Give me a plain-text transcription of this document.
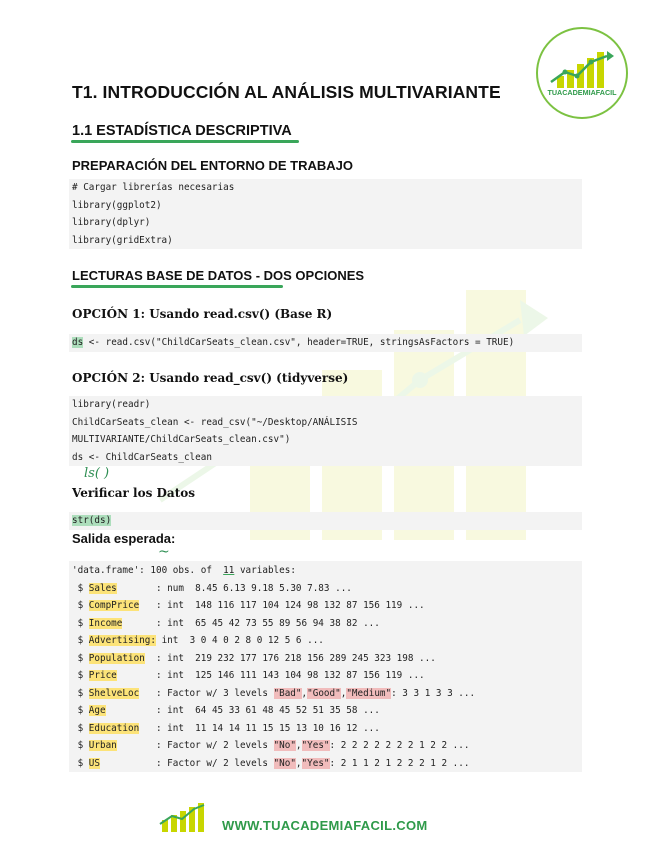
TUACADEMIAFACIL
T1. INTRODUCCIÓN AL ANÁLISIS MULTIVARIANTE
1.1 ESTADÍSTICA DESCRIPTIVA
PREPARACIÓN DEL ENTORNO DE TRABAJO
# Cargar librerías necesarias
library(ggplot2)
library(dplyr)
library(gridExtra)
LECTURAS BASE DE DATOS - DOS OPCIONES
OPCIÓN 1: Usando read.csv() (Base R)
ds <- read.csv("ChildCarSeats_clean.csv", header=TRUE, stringsAsFactors = TRUE)
OPCIÓN 2: Usando read_csv() (tidyverse)
library(readr)
ChildCarSeats_clean <- read_csv("~/Desktop/ANÁLISIS
MULTIVARIANTE/ChildCarSeats_clean.csv")
ds <- ChildCarSeats_clean
ls( )
Verificar los Datos
str(ds)
Salida esperada:
~
'data.frame': 100 obs. of  11 variables:
$ Sales	: num  8.45 6.13 9.18 5.30 7.83 ...
$ CompPrice : int  148 116 117 104 124 98 132 87 156 119 ...
$ Income	: int  65 45 42 73 55 89 56 94 38 82 ...
$ Advertising: int  3 0 4 0 2 8 0 12 5 6 ...
$ Population : int  219 232 177 176 218 156 289 245 323 198 ...
$ Price	: int  125 146 111 143 104 98 132 87 156 119 ...
$ ShelveLoc : Factor w/ 3 levels "Bad","Good","Medium": 3 3 1 3 3 ...
$ Age	: int  64 45 33 61 48 45 52 51 35 58 ...
$ Education : int  11 14 14 11 15 15 13 10 16 12 ...
$ Urban	: Factor w/ 2 levels "No","Yes": 2 2 2 2 2 2 2 1 2 2 ...
$ US	: Factor w/ 2 levels "No","Yes": 2 1 1 2 1 2 2 2 1 2 ...
WWW.TUACADEMIAFACIL.COM
